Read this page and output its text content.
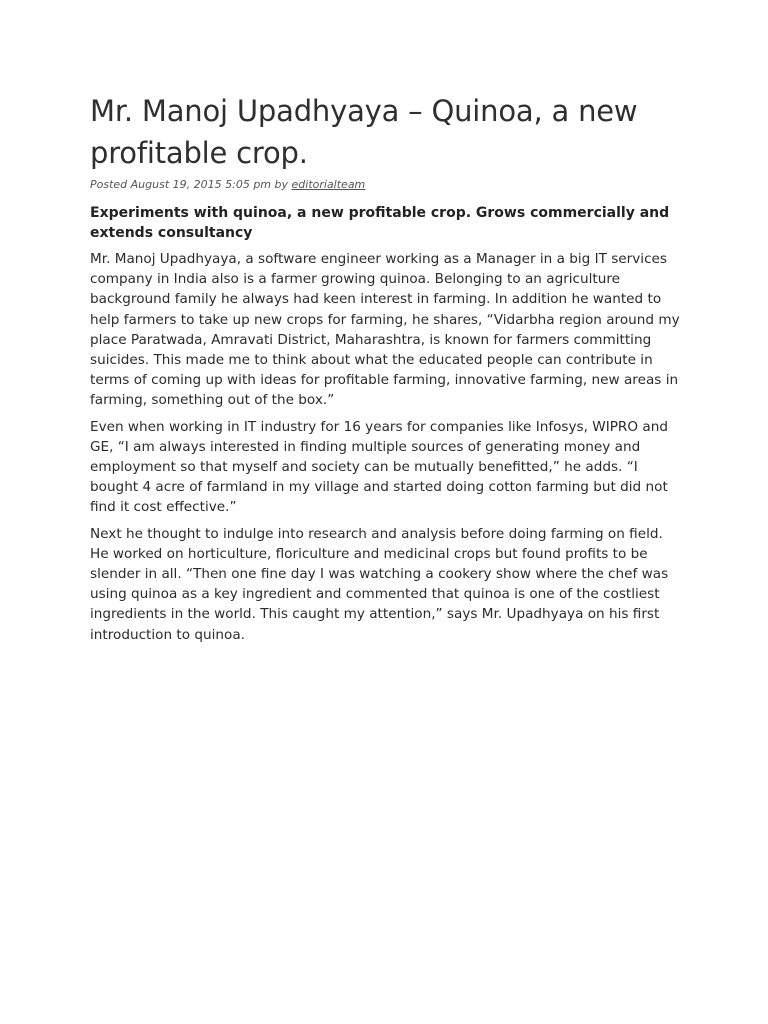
Mr. Manoj Upadhyaya – Quinoa, a new profitable crop.

Posted August 19, 2015 5:05 pm by editorialteam

Experiments with quinoa, a new profitable crop. Grows commercially and extends consultancy

Mr. Manoj Upadhyaya, a software engineer working as a Manager in a big IT services company in India also is a farmer growing quinoa. Belonging to an agriculture background family he always had keen interest in farming. In addition he wanted to help farmers to take up new crops for farming, he shares, “Vidarbha region around my place Paratwada, Amravati District, Maharashtra, is known for farmers committing suicides. This made me to think about what the educated people can contribute in terms of coming up with ideas for profitable farming, innovative farming, new areas in farming, something out of the box.”

Even when working in IT industry for 16 years for companies like Infosys, WIPRO and GE, “I am always interested in finding multiple sources of generating money and employment so that myself and society can be mutually benefitted,” he adds. “I bought 4 acre of farmland in my village and started doing cotton farming but did not find it cost effective.”

Next he thought to indulge into research and analysis before doing farming on field. He worked on horticulture, floriculture and medicinal crops but found profits to be slender in all. “Then one fine day I was watching a cookery show where the chef was using quinoa as a key ingredient and commented that quinoa is one of the costliest ingredients in the world. This caught my attention,” says Mr. Upadhyaya on his first introduction to quinoa.
